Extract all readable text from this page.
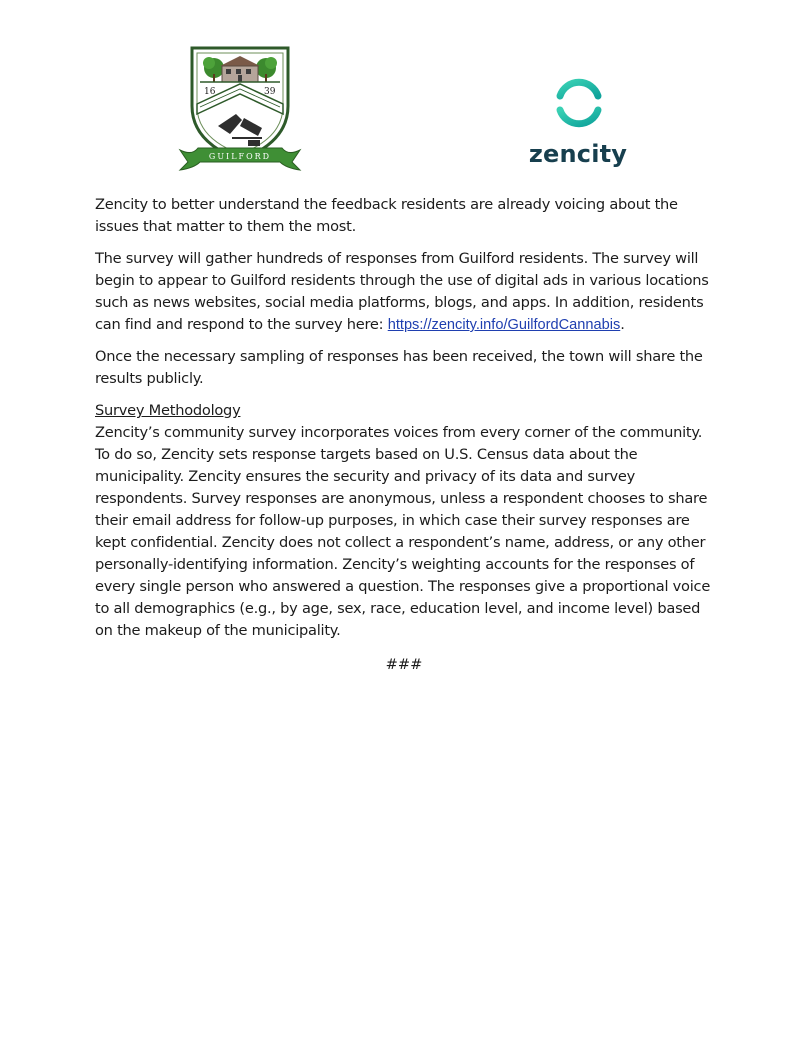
16	39
GUILFORD	zencity

Zencity to better understand the feedback residents are already voicing about the issues that matter to them the most.

The survey will gather hundreds of responses from Guilford residents. The survey will begin to appear to Guilford residents through the use of digital ads in various locations such as news websites, social media platforms, blogs, and apps. In addition, residents can find and respond to the survey here: https://zencity.info/GuilfordCannabis.

Once the necessary sampling of responses has been received, the town will share the results publicly.

Survey Methodology

Zencity’s community survey incorporates voices from every corner of the community. To do so, Zencity sets response targets based on U.S. Census data about the municipality. Zencity ensures the security and privacy of its data and survey respondents. Survey responses are anonymous, unless a respondent chooses to share their email address for follow-up purposes, in which case their survey responses are kept confidential. Zencity does not collect a respondent’s name, address, or any other personally-identifying information. Zencity’s weighting accounts for the responses of every single person who answered a question. The responses give a proportional voice to all demographics (e.g., by age, sex, race, education level, and income level) based on the makeup of the municipality.

###
